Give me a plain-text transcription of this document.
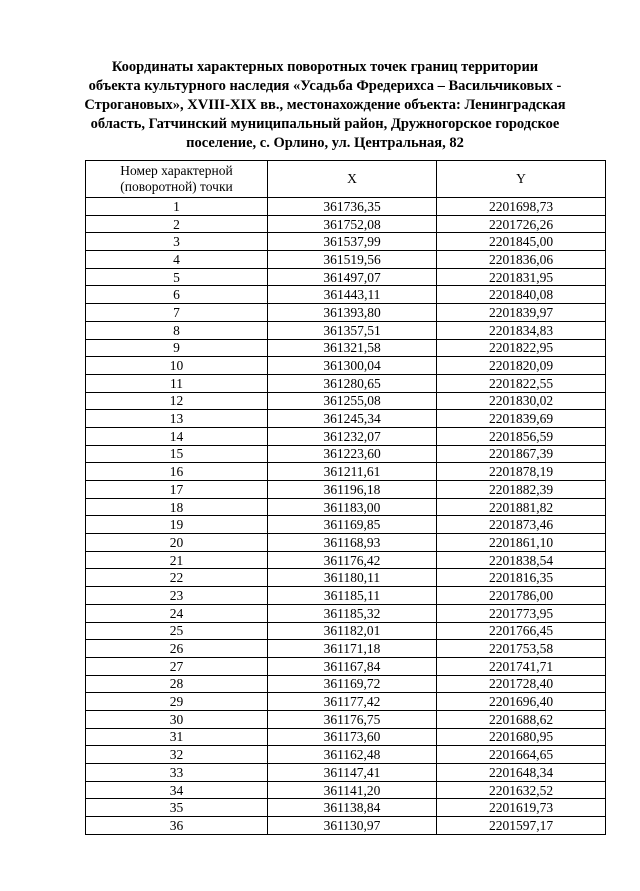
Координаты характерных поворотных точек границ территории
объекта культурного наследия «Усадьба Фредерихса – Васильчиковых -
Строгановых», XVIII-XIX вв., местонахождение объекта: Ленинградская
область, Гатчинский муниципальный район, Дружногорское городское
поселение, с. Орлино, ул. Центральная, 82
Номер характерной
(поворотной) точки	X	Y
1	361736,35	2201698,73
2	361752,08	2201726,26
3	361537,99	2201845,00
4	361519,56	2201836,06
5	361497,07	2201831,95
6	361443,11	2201840,08
7	361393,80	2201839,97
8	361357,51	2201834,83
9	361321,58	2201822,95
10	361300,04	2201820,09
11	361280,65	2201822,55
12	361255,08	2201830,02
13	361245,34	2201839,69
14	361232,07	2201856,59
15	361223,60	2201867,39
16	361211,61	2201878,19
17	361196,18	2201882,39
18	361183,00	2201881,82
19	361169,85	2201873,46
20	361168,93	2201861,10
21	361176,42	2201838,54
22	361180,11	2201816,35
23	361185,11	2201786,00
24	361185,32	2201773,95
25	361182,01	2201766,45
26	361171,18	2201753,58
27	361167,84	2201741,71
28	361169,72	2201728,40
29	361177,42	2201696,40
30	361176,75	2201688,62
31	361173,60	2201680,95
32	361162,48	2201664,65
33	361147,41	2201648,34
34	361141,20	2201632,52
35	361138,84	2201619,73
36	361130,97	2201597,17
